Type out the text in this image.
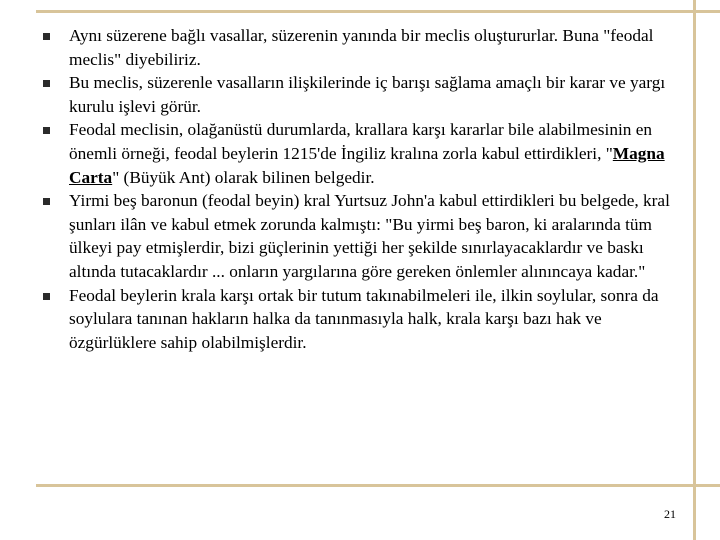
Aynı süzerene bağlı vasallar, süzerenin yanında bir meclis oluştururlar. Buna "feodal meclis" diyebiliriz.
Bu meclis, süzerenle vasalların ilişkilerinde iç barışı sağlama amaçlı bir karar ve yargı kurulu işlevi görür.
Feodal meclisin, olağanüstü durumlarda, krallara karşı kararlar bile alabilmesinin en önemli örneği, feodal beylerin 1215'de İngiliz kralına zorla kabul ettirdikleri, "Magna Carta" (Büyük Ant) olarak bilinen belgedir.
Yirmi beş baronun (feodal beyin) kral Yurtsuz John'a kabul ettirdikleri bu belgede, kral şunları ilân ve kabul etmek zorunda kalmıştı: "Bu yirmi beş baron, ki aralarında tüm ülkeyi pay etmişlerdir, bizi güçlerinin yettiği her şekilde sınırlayacaklardır ve baskı altında tutacaklardır ... onların yargılarına göre gereken önlemler alınıncaya kadar."
Feodal beylerin krala karşı ortak bir tutum takınabilmeleri ile, ilkin soylular, sonra da soylulara tanınan hakların halka da tanınmasıyla halk, krala karşı bazı hak ve özgürlüklere sahip olabilmişlerdir.
21
